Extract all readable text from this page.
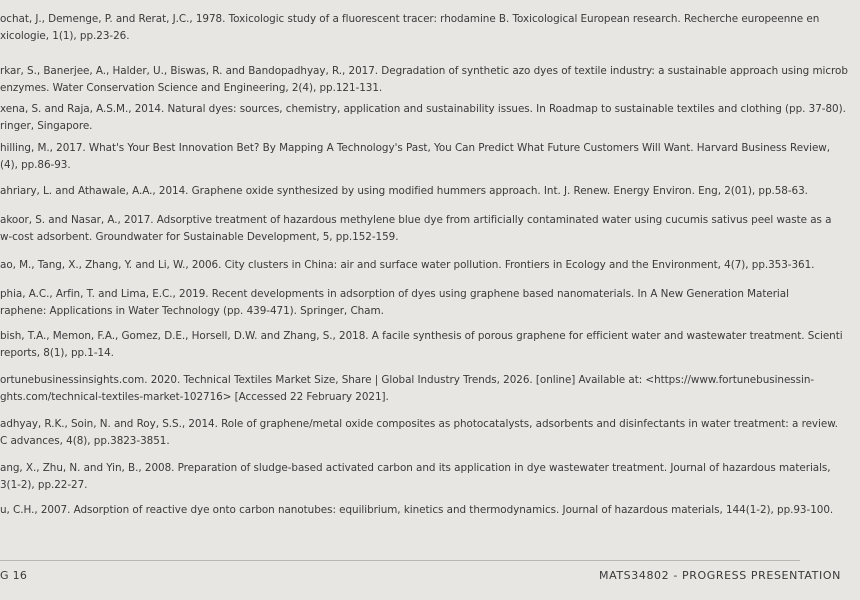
ochat, J., Demenge, P. and Rerat, J.C., 1978. Toxicologic study of a fluorescent tracer: rhodamine B. Toxicological European research. Recherche europeenne en
xicologie, 1(1), pp.23-26.

rkar, S., Banerjee, A., Halder, U., Biswas, R. and Bandopadhyay, R., 2017. Degradation of synthetic azo dyes of textile industry: a sustainable approach using microb
enzymes. Water Conservation Science and Engineering, 2(4), pp.121-131.

xena, S. and Raja, A.S.M., 2014. Natural dyes: sources, chemistry, application and sustainability issues. In Roadmap to sustainable textiles and clothing (pp. 37-80).
ringer, Singapore.

hilling, M., 2017. What's Your Best Innovation Bet? By Mapping A Technology's Past, You Can Predict What Future Customers Will Want. Harvard Business Review,
(4), pp.86-93.

ahriary, L. and Athawale, A.A., 2014. Graphene oxide synthesized by using modified hummers approach. Int. J. Renew. Energy Environ. Eng, 2(01), pp.58-63.

akoor, S. and Nasar, A., 2017. Adsorptive treatment of hazardous methylene blue dye from artificially contaminated water using cucumis sativus peel waste as a
w-cost adsorbent. Groundwater for Sustainable Development, 5, pp.152-159.

ao, M., Tang, X., Zhang, Y. and Li, W., 2006. City clusters in China: air and surface water pollution. Frontiers in Ecology and the Environment, 4(7), pp.353-361.

phia, A.C., Arfin, T. and Lima, E.C., 2019. Recent developments in adsorption of dyes using graphene based nanomaterials. In A New Generation Material
raphene: Applications in Water Technology (pp. 439-471). Springer, Cham.

bish, T.A., Memon, F.A., Gomez, D.E., Horsell, D.W. and Zhang, S., 2018. A facile synthesis of porous graphene for efficient water and wastewater treatment. Scienti
reports, 8(1), pp.1-14.

ortunebusinessinsights.com. 2020. Technical Textiles Market Size, Share | Global Industry Trends, 2026. [online] Available at: <https://www.fortunebusinessin-
ghts.com/technical-textiles-market-102716> [Accessed 22 February 2021].

adhyay, R.K., Soin, N. and Roy, S.S., 2014. Role of graphene/metal oxide composites as photocatalysts, adsorbents and disinfectants in water treatment: a review.
C advances, 4(8), pp.3823-3851.

ang, X., Zhu, N. and Yin, B., 2008. Preparation of sludge-based activated carbon and its application in dye wastewater treatment. Journal of hazardous materials,
3(1-2), pp.22-27.

u, C.H., 2007. Adsorption of reactive dye onto carbon nanotubes: equilibrium, kinetics and thermodynamics. Journal of hazardous materials, 144(1-2), pp.93-100.

G 16	MATS34802 - PROGRESS PRESENTATION
